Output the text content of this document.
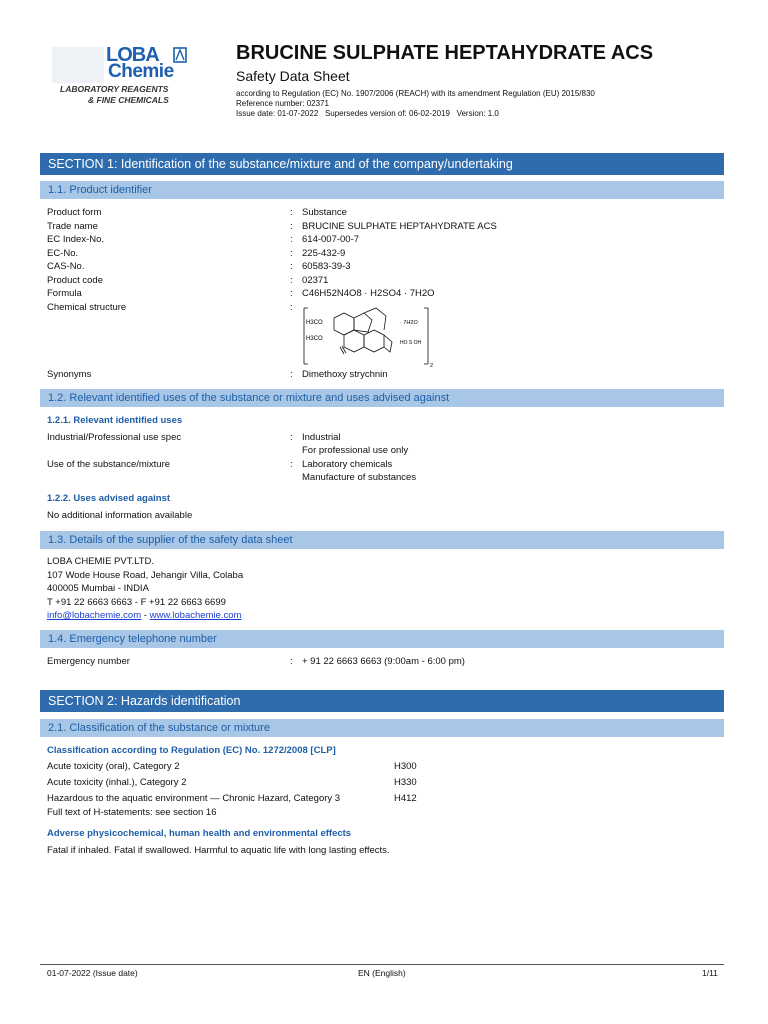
LOBA
Chemie
LABORATORY REAGENTS
& FINE CHEMICALS
BRUCINE SULPHATE HEPTAHYDRATE ACS
Safety Data Sheet
according to Regulation (EC) No. 1907/2006 (REACH) with its amendment Regulation (EU) 2015/830
Reference number: 02371
Issue date: 01-07-2022   Supersedes version of: 06-02-2019   Version: 1.0
SECTION 1: Identification of the substance/mixture and of the company/undertaking
1.1. Product identifier
Product form	: Substance
Trade name	: BRUCINE SULPHATE HEPTAHYDRATE ACS
EC Index-No.	: 614-007-00-7
EC-No.	: 225-432-9
CAS-No.	: 60583-39-3
Product code	: 02371
Formula	: C46H52N4O8 · H2SO4 · 7H2O
Chemical structure	:
H3CO
H3CO
· 7H2O
HO S OH
2
Synonyms	: Dimethoxy strychnin
1.2. Relevant identified uses of the substance or mixture and uses advised against
1.2.1. Relevant identified uses
Industrial/Professional use spec	: Industrial
For professional use only
Use of the substance/mixture	: Laboratory chemicals
Manufacture of substances
1.2.2. Uses advised against
No additional information available
1.3. Details of the supplier of the safety data sheet
LOBA CHEMIE PVT.LTD.
107 Wode House Road, Jehangir Villa, Colaba
400005 Mumbai - INDIA
T +91 22 6663 6663 - F +91 22 6663 6699
info@lobachemie.com - www.lobachemie.com
1.4. Emergency telephone number
Emergency number	: + 91 22 6663 6663 (9:00am - 6:00 pm)
SECTION 2: Hazards identification
2.1. Classification of the substance or mixture
Classification according to Regulation (EC) No. 1272/2008 [CLP]
Acute toxicity (oral), Category 2	H300
Acute toxicity (inhal.), Category 2	H330
Hazardous to the aquatic environment — Chronic Hazard, Category 3	H412
Full text of H-statements: see section 16
Adverse physicochemical, human health and environmental effects
Fatal if inhaled. Fatal if swallowed. Harmful to aquatic life with long lasting effects.
01-07-2022 (Issue date)	EN (English)	1/11
